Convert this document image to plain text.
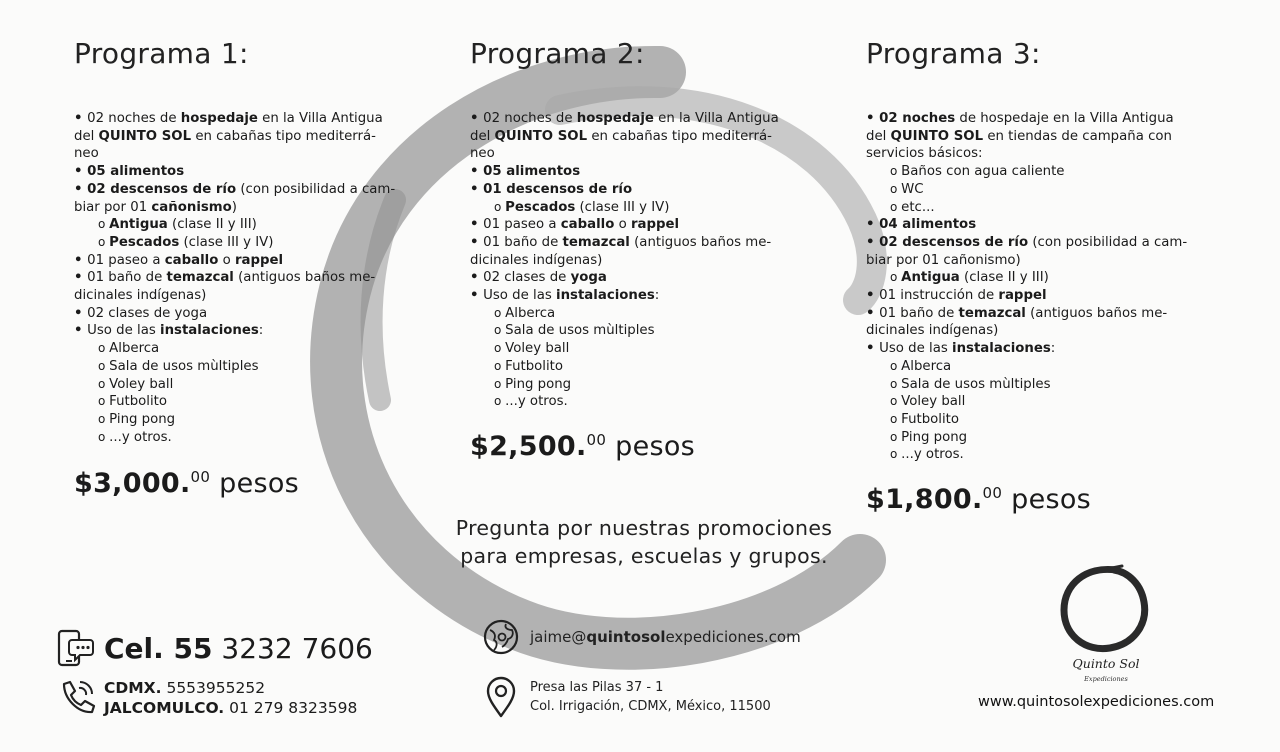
Programa 1:
• 02 noches de hospedaje en la Villa Antigua
del QUINTO SOL en cabañas tipo mediterrá-
neo
• 05 alimentos
• 02 descensos de río (con posibilidad a cam-
biar por 01 cañonismo)
o Antigua (clase II y III)
o Pescados (clase III y IV)
• 01 paseo a caballo o rappel
• 01 baño de temazcal (antiguos baños me-
dicinales indígenas)
• 02 clases de yoga
• Uso de las instalaciones:
o Alberca
o Sala de usos mùltiples
o Voley ball
o Futbolito
o Ping pong
o ...y otros.
$3,000.00 pesos
Programa 2:
• 02 noches de hospedaje en la Villa Antigua
del QUINTO SOL en cabañas tipo mediterrá-
neo
• 05 alimentos
• 01 descensos de río
o Pescados (clase III y IV)
• 01 paseo a caballo o rappel
• 01 baño de temazcal (antiguos baños me-
dicinales indígenas)
• 02 clases de yoga
• Uso de las instalaciones:
o Alberca
o Sala de usos mùltiples
o Voley ball
o Futbolito
o Ping pong
o ...y otros.
$2,500.00 pesos
Programa 3:
• 02 noches de hospedaje en la Villa Antigua
del QUINTO SOL en tiendas de campaña con
servicios básicos:
o Baños con agua caliente
o WC
o etc...
• 04 alimentos
• 02 descensos de río (con posibilidad a cam-
biar por 01 cañonismo)
o Antigua (clase II y III)
• 01 instrucción de rappel
• 01 baño de temazcal (antiguos baños me-
dicinales indígenas)
• Uso de las instalaciones:
o Alberca
o Sala de usos mùltiples
o Voley ball
o Futbolito
o Ping pong
o ...y otros.
$1,800.00 pesos
Pregunta por nuestras promociones
para empresas, escuelas y grupos.
Cel. 55 3232 7606
CDMX. 5553955252
JALCOMULCO. 01 279 8323598
jaime@quintosolexpediciones.com
Presa las Pilas 37 - 1
Col. Irrigación, CDMX, México, 11500
Quinto Sol
Expediciones
www.quintosolexpediciones.com
